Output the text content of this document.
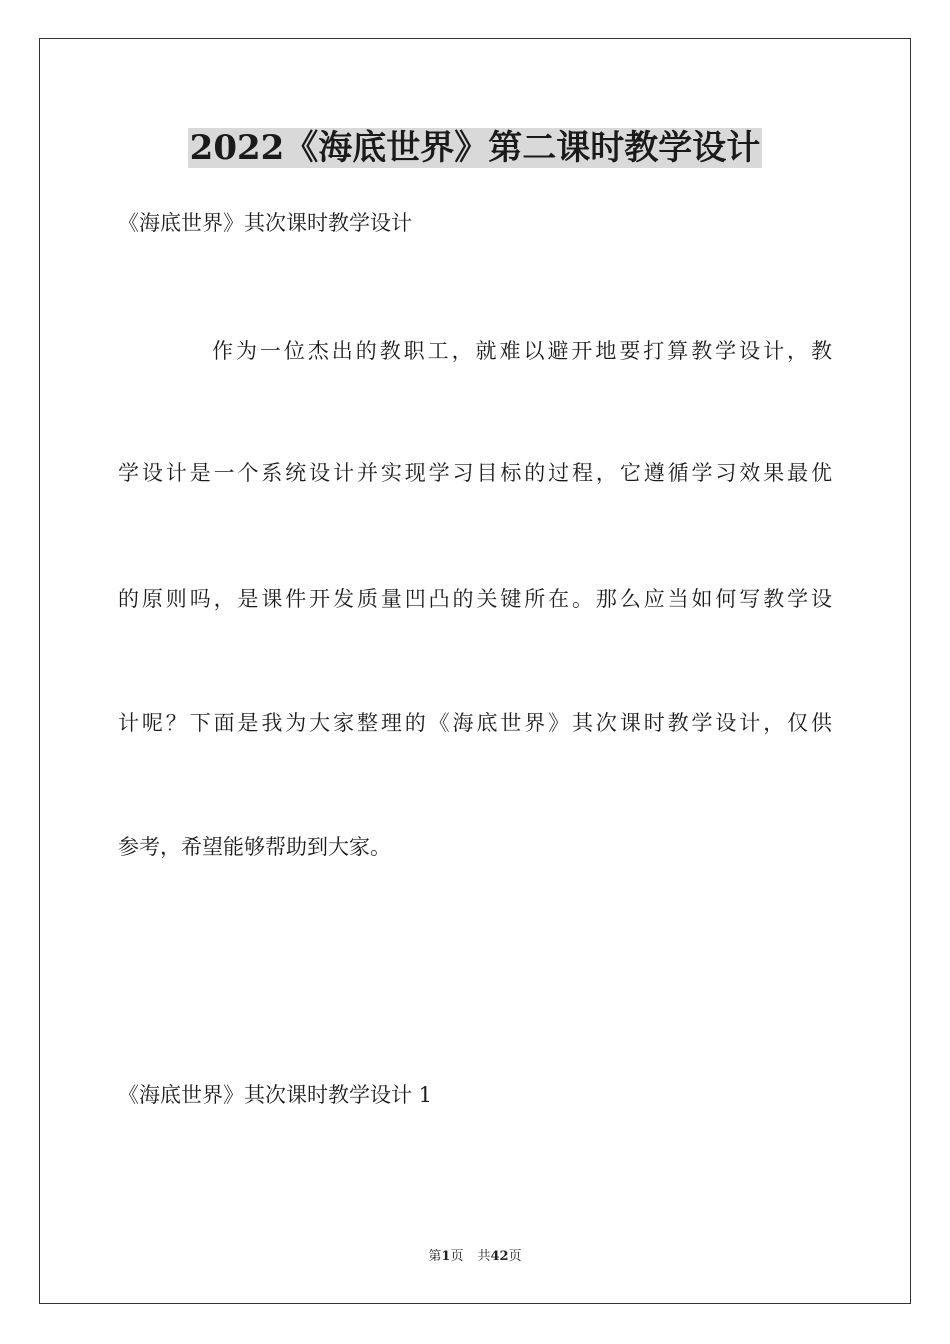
2022《海底世界》第二课时教学设计
《海底世界》其次课时教学设计
作为一位杰出的教职工，就难以避开地要打算教学设计，教
学设计是一个系统设计并实现学习目标的过程，它遵循学习效果最优
的原则吗，是课件开发质量凹凸的关键所在。那么应当如何写教学设
计呢？下面是我为大家整理的《海底世界》其次课时教学设计，仅供
参考，希望能够帮助到大家。
《海底世界》其次课时教学设计 1
第1页 共42页
